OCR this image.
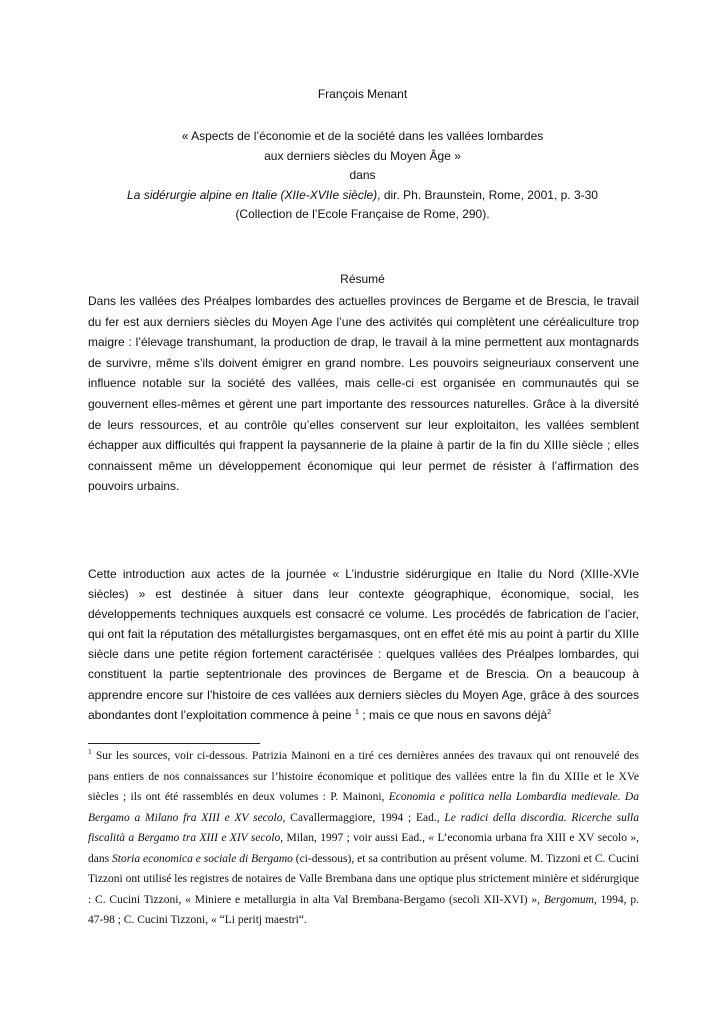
François Menant
« Aspects de l’économie et de la société dans les vallées lombardes
aux derniers siècles du Moyen Âge »
dans
La sidérurgie alpine en Italie (XIIe-XVIIe siècle), dir. Ph. Braunstein, Rome, 2001, p. 3-30
(Collection de l’Ecole Française de Rome, 290).
Résumé
Dans les vallées des Préalpes lombardes des actuelles provinces de Bergame et de Brescia, le travail du fer est aux derniers siècles du Moyen Age l’une des activités qui complètent une céréaliculture trop maigre : l’élevage transhumant, la production de drap, le travail à la mine permettent aux montagnards de survivre, même s’ils doivent émigrer en grand nombre. Les pouvoirs seigneuriaux conservent une influence notable sur la société des vallées, mais celle-ci est organisée en communautés qui se gouvernent elles-mêmes et gèrent une part importante des ressources naturelles. Grâce à la diversité de leurs ressources, et au contrôle qu’elles conservent sur leur exploitaiton, les vallées semblent échapper aux difficultés qui frappent la paysannerie de la plaine à partir de la fin du XIIIe siècle ; elles connaissent même un développement économique qui leur permet de résister à l’affirmation des pouvoirs urbains.
Cette introduction aux actes de la journée « L’industrie sidérurgique en Italie du Nord (XIIIe-XVIe siècles) » est destinée à situer dans leur contexte géographique, économique, social, les développements techniques auxquels est consacré ce volume. Les procédés de fabrication de l’acier, qui ont fait la réputation des métallurgistes bergamasques, ont en effet été mis au point à partir du XIIIe siècle dans une petite région fortement caractérisée : quelques vallées des Préalpes lombardes, qui constituent la partie septentrionale des provinces de Bergame et de Brescia. On a beaucoup à apprendre encore sur l’histoire de ces vallées aux derniers siècles du Moyen Age, grâce à des sources abondantes dont l’exploitation commence à peine $^1$ ; mais ce que nous en savons déjà$^2$
$^1$ Sur les sources, voir ci-dessous. Patrizia Mainoni en a tiré ces dernières années des travaux qui ont renouvelé des pans entiers de nos connaissances sur l’histoire économique et politique des vallées entre la fin du XIIIe et le XVe siècles ; ils ont été rassemblés en deux volumes : P. Mainoni, Economia e politica nella Lombardia medievale. Da Bergamo a Milano fra XIII e XV secolo, Cavallermaggiore, 1994 ; Ead., Le radici della discordia. Ricerche sulla fiscalità a Bergamo tra XIII e XIV secolo, Milan, 1997 ; voir aussi Ead., « L’economia urbana fra XIII e XV secolo », dans Storia economica e sociale di Bergamo (ci-dessous), et sa contribution au présent volume. M. Tizzoni et C. Cucini Tizzoni ont utilisé les registres de notaires de Valle Brembana dans une optique plus strictement minière et sidérurgique : C. Cucini Tizzoni, « Miniere e metallurgia in alta Val Brembana-Bergamo (secoli XII-XVI) », Bergomum, 1994, p. 47-98 ; C. Cucini Tizzoni, « “Li peritj maestri“.
